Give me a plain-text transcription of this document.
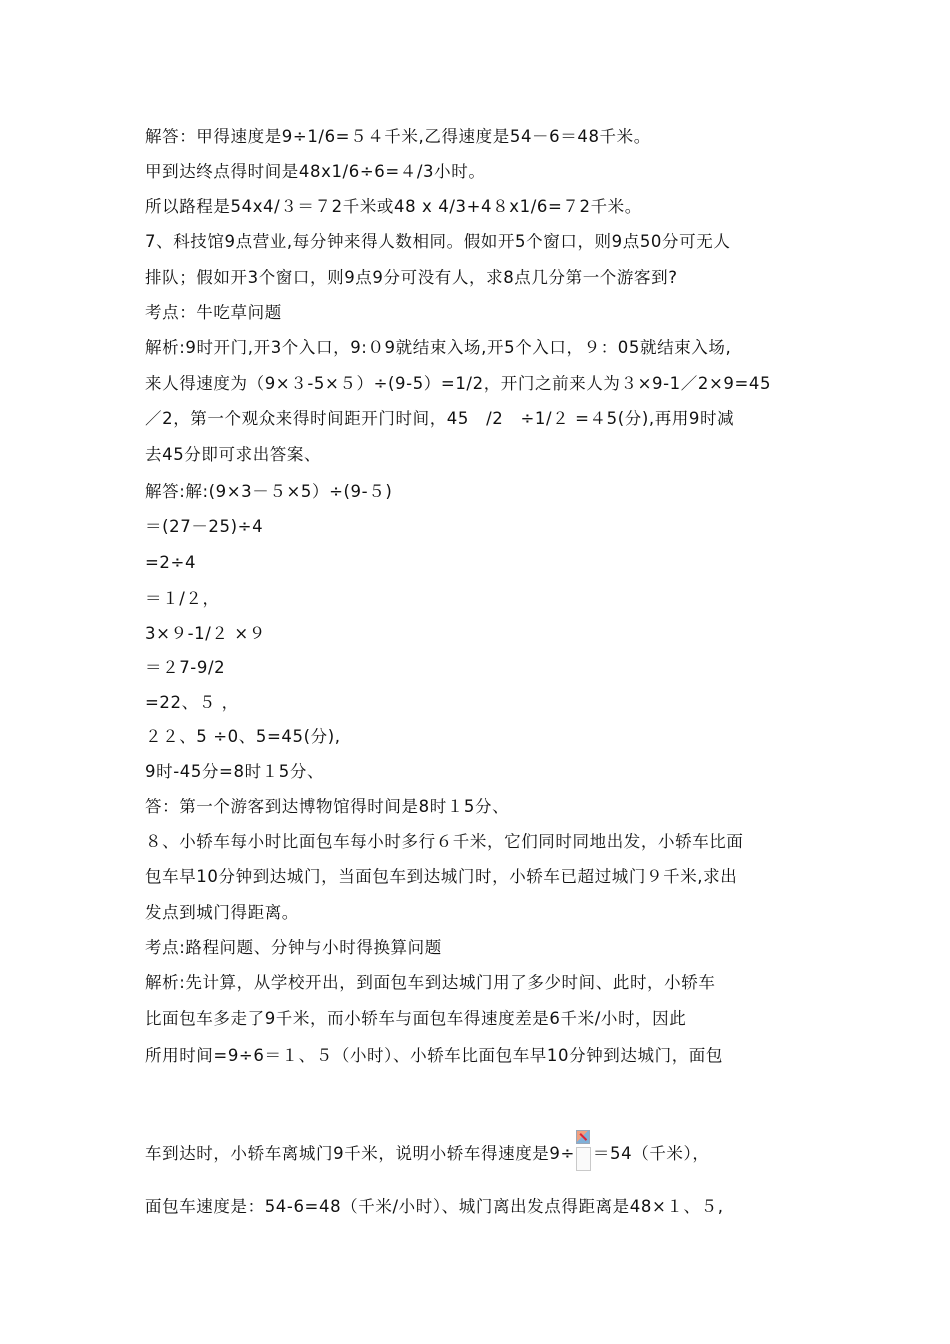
解答：甲得速度是9÷1/6=５４千米,乙得速度是54－6＝48千米。
甲到达终点得时间是48x1/6÷6=４/3小时。
所以路程是54x4/３＝７2千米或48 x 4/3+4８x1/6=７2千米。
7、科技馆9点营业,每分钟来得人数相同。假如开5个窗口，则9点50分可无人
排队；假如开3个窗口，则9点9分可没有人，求8点几分第一个游客到?
考点：牛吃草问题
解析:9时开门,开3个入口，9:０9就结束入场,开5个入口，９：05就结束入场,
来人得速度为（9×３-5×５）÷(9-5）=1/2，开门之前来人为３×9-1／2×9=45
／2，第一个观众来得时间距开门时间，45　/2　÷1/２ =４5(分),再用9时减
去45分即可求出答案、
解答:解:(9×3－５×5）÷(9-５)
＝(27－25)÷4
=2÷4
＝１/２，
3×９-1/２ ×９
＝２7-9/2
=22、５ ，
２２、5 ÷0、5=45(分),
9时-45分=8时１5分、
答：第一个游客到达博物馆得时间是8时１5分、
８、小轿车每小时比面包车每小时多行６千米，它们同时同地出发，小轿车比面
包车早10分钟到达城门，当面包车到达城门时，小轿车已超过城门９千米,求出
发点到城门得距离。
考点:路程问题、分钟与小时得换算问题
解析:先计算，从学校开出，到面包车到达城门用了多少时间、此时，小轿车
比面包车多走了9千米，而小轿车与面包车得速度差是6千米/小时，因此
所用时间=9÷6＝１、５（小时）、小轿车比面包车早10分钟到达城门，面包
车到达时，小轿车离城门9千米，说明小轿车得速度是9÷ ＝54（千米），
面包车速度是：54-6=48（千米/小时）、城门离出发点得距离是48×１、５,
